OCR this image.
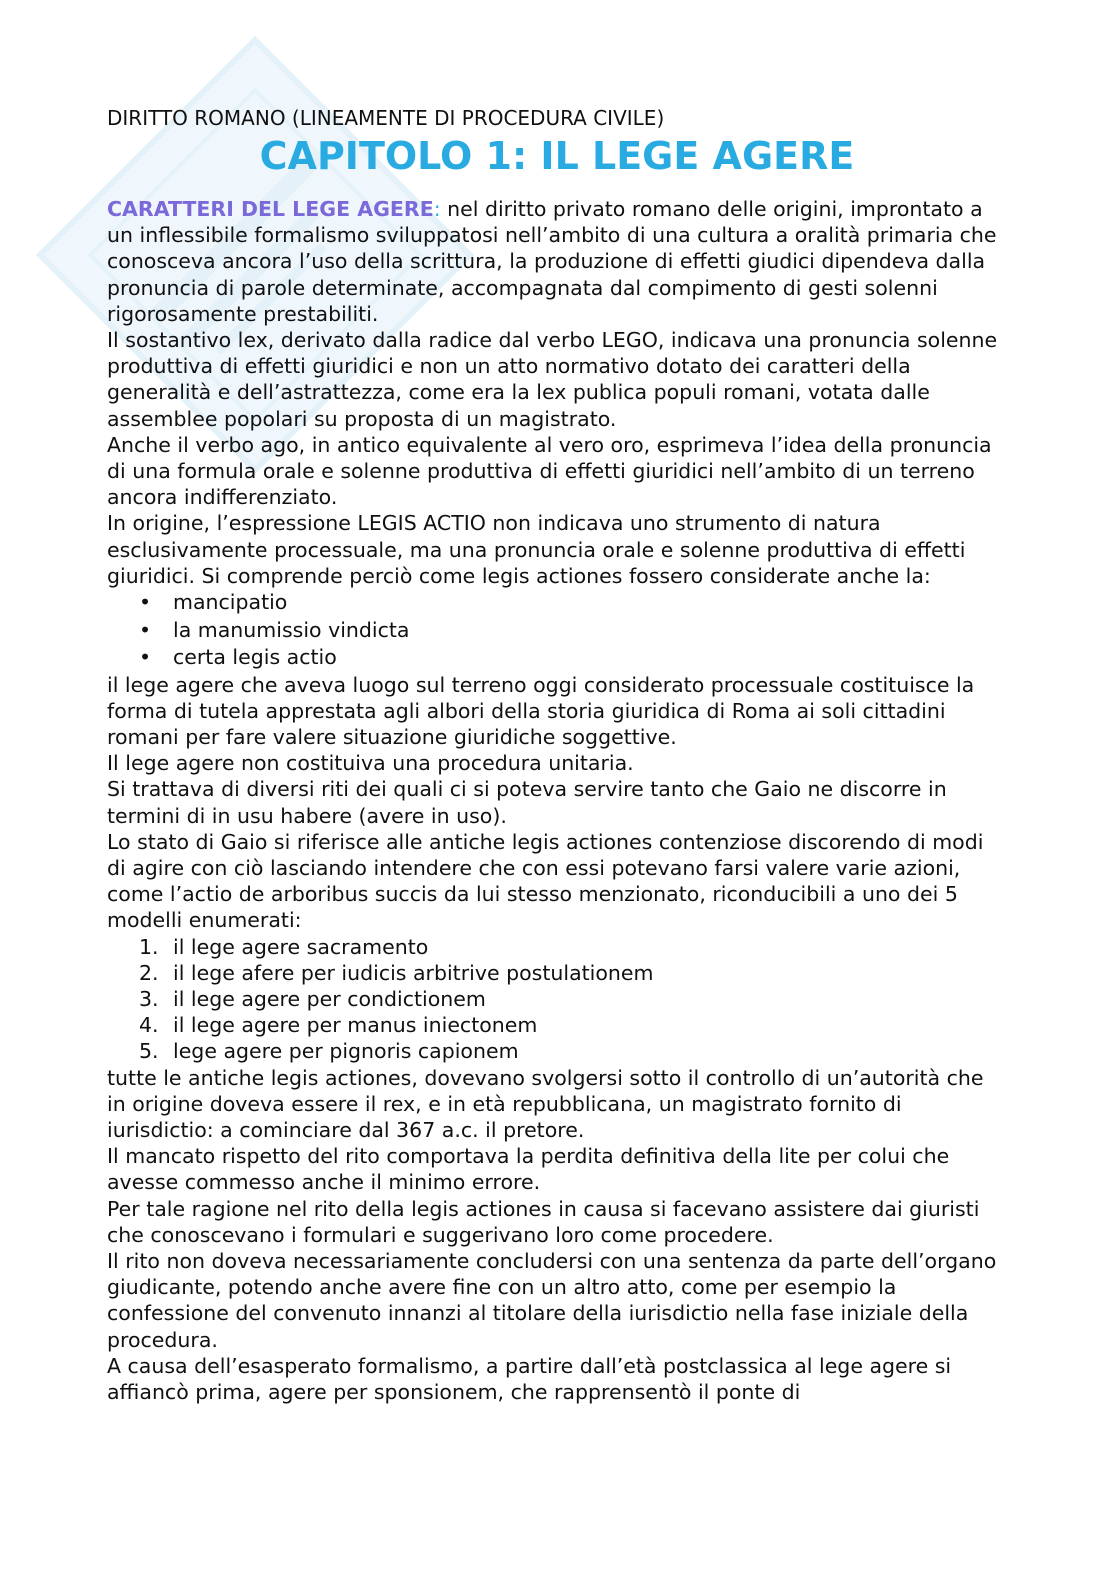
DIRITTO ROMANO (LINEAMENTE DI PROCEDURA CIVILE)

CAPITOLO 1: IL LEGE AGERE

CARATTERI DEL LEGE AGERE: nel diritto privato romano delle origini, improntato a un inflessibile formalismo sviluppatosi nell’ambito di una cultura a oralità primaria che conosceva ancora l’uso della scrittura, la produzione di effetti giudici dipendeva dalla pronuncia di parole determinate, accompagnata dal compimento di gesti solenni rigorosamente prestabiliti.

Il sostantivo lex, derivato dalla radice dal verbo LEGO, indicava una pronuncia solenne produttiva di effetti giuridici e non un atto normativo dotato dei caratteri della generalità e dell’astrattezza, come era la lex publica populi romani, votata dalle assemblee popolari su proposta di un magistrato.

Anche il verbo ago, in antico equivalente al vero oro, esprimeva l’idea della pronuncia di una formula orale e solenne produttiva di effetti giuridici nell’ambito di un terreno ancora indifferenziato.

In origine, l’espressione LEGIS ACTIO non indicava uno strumento di natura esclusivamente processuale, ma una pronuncia orale e solenne produttiva di effetti giuridici. Si comprende perciò come legis actiones fossero considerate anche la:

• mancipatio
• la manumissio vindicta
• certa legis actio

il lege agere che aveva luogo sul terreno oggi considerato processuale costituisce la forma di tutela apprestata agli albori della storia giuridica di Roma ai soli cittadini romani per fare valere situazione giuridiche soggettive.

Il lege agere non costituiva una procedura unitaria.

Si trattava di diversi riti dei quali ci si poteva servire tanto che Gaio ne discorre in termini di in usu habere (avere in uso).

Lo stato di Gaio si riferisce alle antiche legis actiones contenziose discorendo di modi di agire con ciò lasciando intendere che con essi potevano farsi valere varie azioni, come l’actio de arboribus succis da lui stesso menzionato, riconducibili a uno dei 5 modelli enumerati:

1. il lege agere sacramento
2. il lege afere per iudicis arbitrive postulationem
3. il lege agere per condictionem
4. il lege agere per manus iniectonem
5. lege agere per pignoris capionem

tutte le antiche legis actiones, dovevano svolgersi sotto il controllo di un’autorità che in origine doveva essere il rex, e in età repubblicana, un magistrato fornito di iurisdictio: a cominciare dal 367 a.c. il pretore.

Il mancato rispetto del rito comportava la perdita definitiva della lite per colui che avesse commesso anche il minimo errore.

Per tale ragione nel rito della legis actiones in causa si facevano assistere dai giuristi che conoscevano i formulari e suggerivano loro come procedere.

Il rito non doveva necessariamente concludersi con una sentenza da parte dell’organo giudicante, potendo anche avere fine con un altro atto, come per esempio la confessione del convenuto innanzi al titolare della iurisdictio nella fase iniziale della procedura.

A causa dell’esasperato formalismo, a partire dall’età postclassica al lege agere si affiancò prima, agere per sponsionem, che rapprensentò il ponte di
